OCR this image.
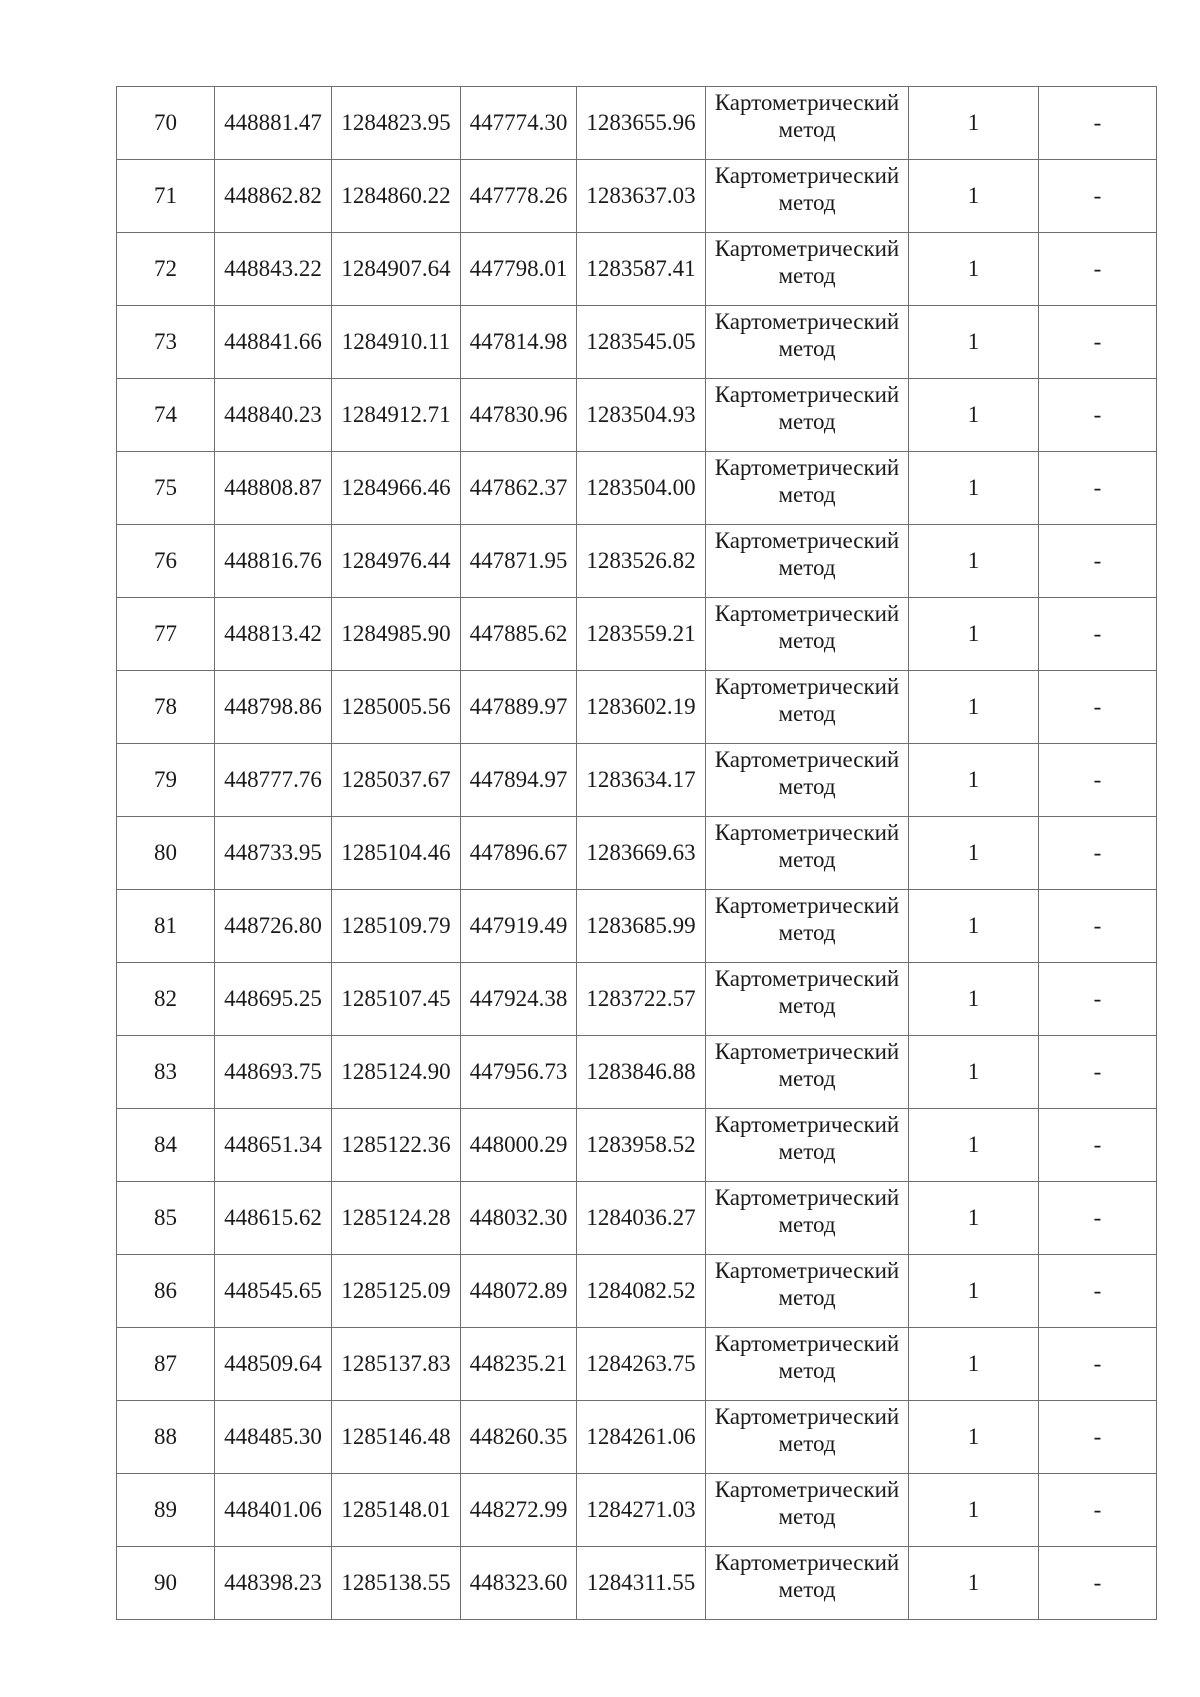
70	448881.47	1284823.95	447774.30	1283655.96	Картометрический
метод	1	-
71	448862.82	1284860.22	447778.26	1283637.03	Картометрический
метод	1	-
72	448843.22	1284907.64	447798.01	1283587.41	Картометрический
метод	1	-
73	448841.66	1284910.11	447814.98	1283545.05	Картометрический
метод	1	-
74	448840.23	1284912.71	447830.96	1283504.93	Картометрический
метод	1	-
75	448808.87	1284966.46	447862.37	1283504.00	Картометрический
метод	1	-
76	448816.76	1284976.44	447871.95	1283526.82	Картометрический
метод	1	-
77	448813.42	1284985.90	447885.62	1283559.21	Картометрический
метод	1	-
78	448798.86	1285005.56	447889.97	1283602.19	Картометрический
метод	1	-
79	448777.76	1285037.67	447894.97	1283634.17	Картометрический
метод	1	-
80	448733.95	1285104.46	447896.67	1283669.63	Картометрический
метод	1	-
81	448726.80	1285109.79	447919.49	1283685.99	Картометрический
метод	1	-
82	448695.25	1285107.45	447924.38	1283722.57	Картометрический
метод	1	-
83	448693.75	1285124.90	447956.73	1283846.88	Картометрический
метод	1	-
84	448651.34	1285122.36	448000.29	1283958.52	Картометрический
метод	1	-
85	448615.62	1285124.28	448032.30	1284036.27	Картометрический
метод	1	-
86	448545.65	1285125.09	448072.89	1284082.52	Картометрический
метод	1	-
87	448509.64	1285137.83	448235.21	1284263.75	Картометрический
метод	1	-
88	448485.30	1285146.48	448260.35	1284261.06	Картометрический
метод	1	-
89	448401.06	1285148.01	448272.99	1284271.03	Картометрический
метод	1	-
90	448398.23	1285138.55	448323.60	1284311.55	Картометрический
метод	1	-
